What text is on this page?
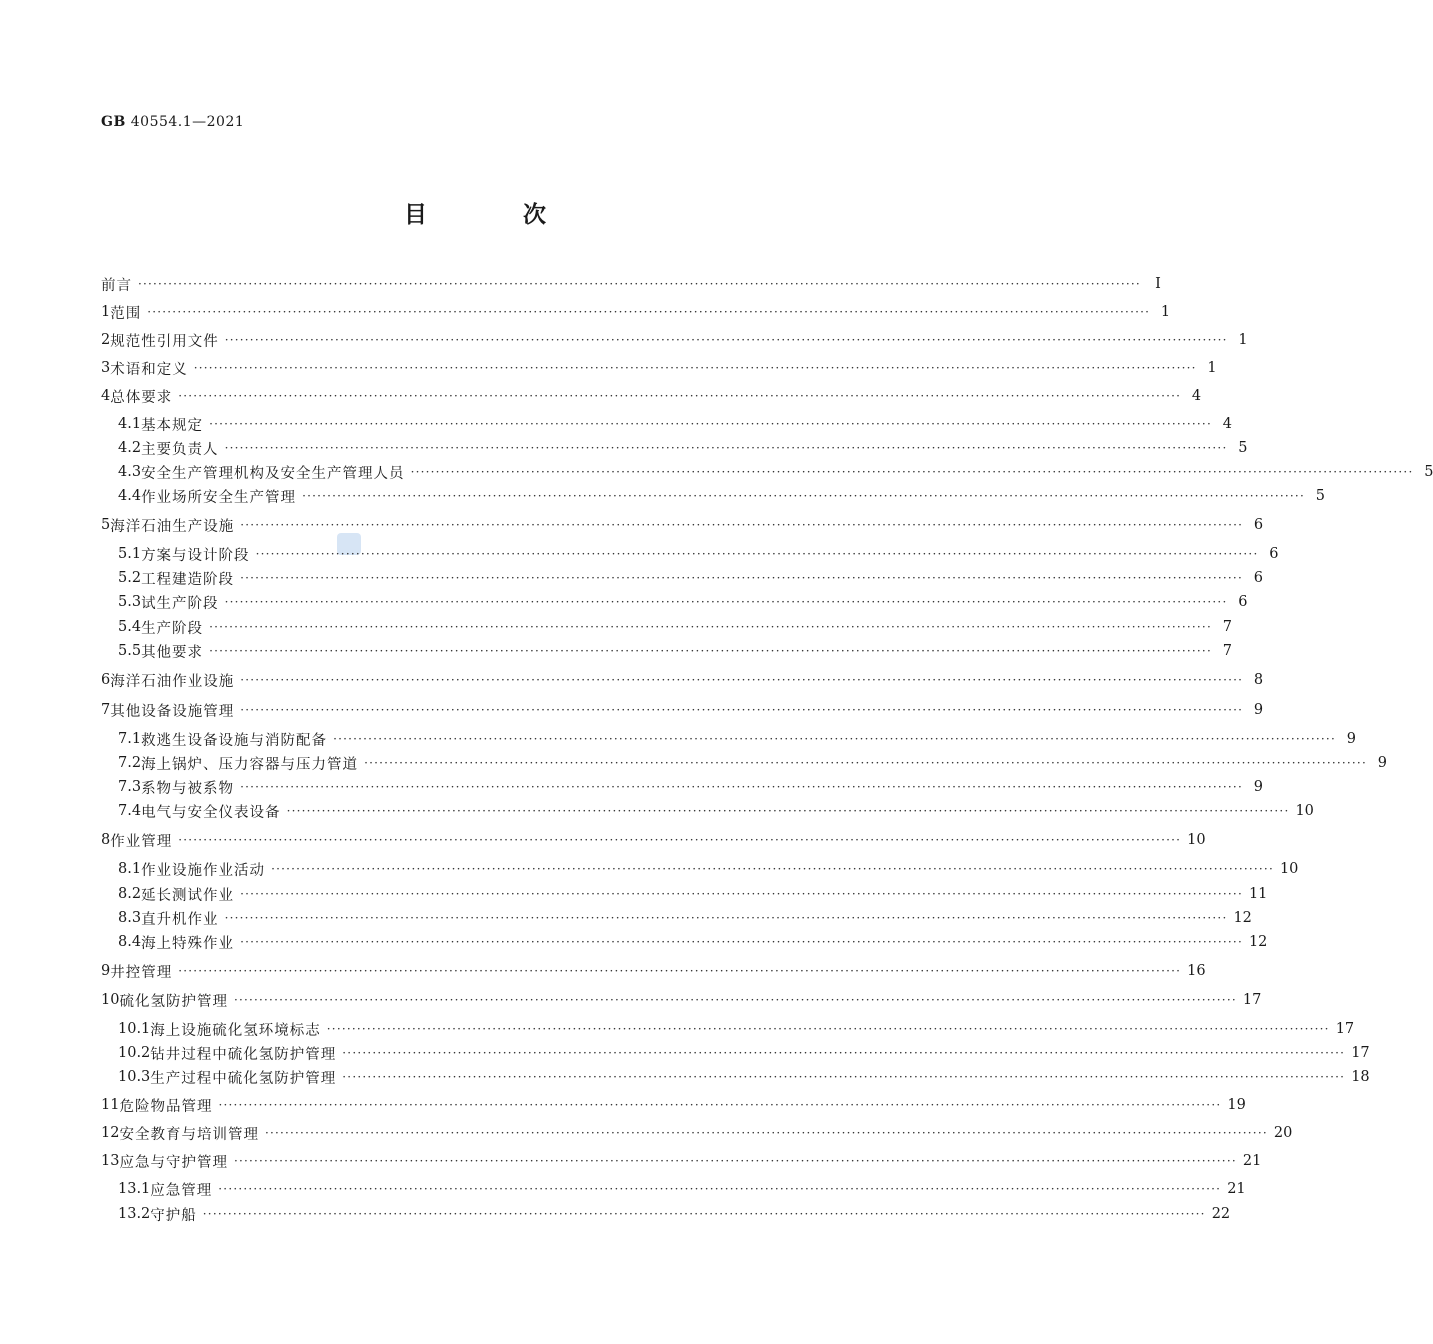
GB 40554.1—2021
目 次
前言 ········································································································································································································ I
1 范围 ········································································································································································································ 1
2 规范性引用文件 ········································································································································································································ 1
3 术语和定义 ········································································································································································································ 1
4 总体要求 ········································································································································································································ 4
4.1 基本规定 ········································································································································································································ 4
4.2 主要负责人 ········································································································································································································ 5
4.3 安全生产管理机构及安全生产管理人员 ········································································································································································································ 5
4.4 作业场所安全生产管理 ········································································································································································································ 5
5 海洋石油生产设施 ········································································································································································································ 6
5.1 方案与设计阶段 ········································································································································································································ 6
5.2 工程建造阶段 ········································································································································································································ 6
5.3 试生产阶段 ········································································································································································································ 6
5.4 生产阶段 ········································································································································································································ 7
5.5 其他要求 ········································································································································································································ 7
6 海洋石油作业设施 ········································································································································································································ 8
7 其他设备设施管理 ········································································································································································································ 9
7.1 救逃生设备设施与消防配备 ········································································································································································································ 9
7.2 海上锅炉、压力容器与压力管道 ········································································································································································································ 9
7.3 系物与被系物 ········································································································································································································ 9
7.4 电气与安全仪表设备 ········································································································································································································ 10
8 作业管理 ········································································································································································································ 10
8.1 作业设施作业活动 ········································································································································································································ 10
8.2 延长测试作业 ········································································································································································································ 11
8.3 直升机作业 ········································································································································································································ 12
8.4 海上特殊作业 ········································································································································································································ 12
9 井控管理 ········································································································································································································ 16
10 硫化氢防护管理 ········································································································································································································ 17
10.1 海上设施硫化氢环境标志 ········································································································································································································ 17
10.2 钻井过程中硫化氢防护管理 ········································································································································································································ 17
10.3 生产过程中硫化氢防护管理 ········································································································································································································ 18
11 危险物品管理 ········································································································································································································ 19
12 安全教育与培训管理 ········································································································································································································ 20
13 应急与守护管理 ········································································································································································································ 21
13.1 应急管理 ········································································································································································································ 21
13.2 守护船 ········································································································································································································ 22
